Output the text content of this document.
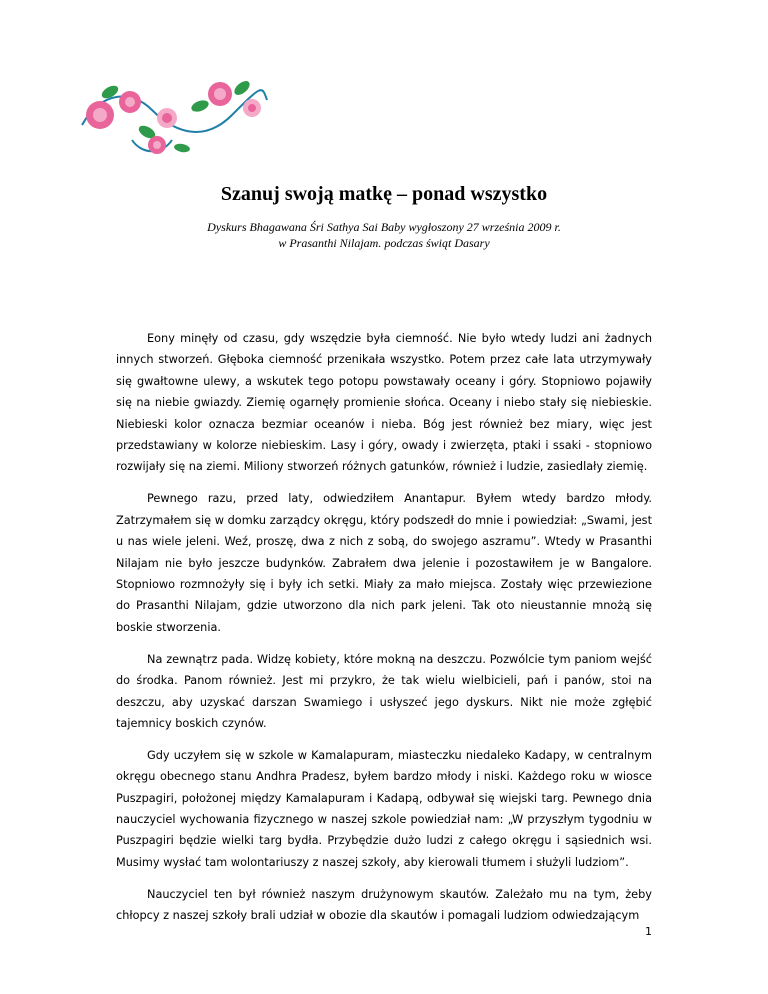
Szanuj swoją matkę – ponad wszystko
Dyskurs Bhagawana Śri Sathya Sai Baby wygłoszony 27 września 2009 r.
w Prasanthi Nilajam. podczas świąt Dasary

Eony minęły od czasu, gdy wszędzie była ciemność. Nie było wtedy ludzi ani żadnych innych stworzeń. Głęboka ciemność przenikała wszystko. Potem przez całe lata utrzymywały się gwałtowne ulewy, a wskutek tego potopu powstawały oceany i góry. Stopniowo pojawiły się na niebie gwiazdy. Ziemię ogarnęły promienie słońca. Oceany i niebo stały się niebieskie. Niebieski kolor oznacza bezmiar oceanów i nieba. Bóg jest również bez miary, więc jest przedstawiany w kolorze niebieskim. Lasy i góry, owady i zwierzęta, ptaki i ssaki - stopniowo rozwijały się na ziemi. Miliony stworzeń różnych gatunków, również i ludzie, zasiedlały ziemię.

Pewnego razu, przed laty, odwiedziłem Anantapur. Byłem wtedy bardzo młody. Zatrzymałem się w domku zarządcy okręgu, który podszedł do mnie i powiedział: „Swami, jest u nas wiele jeleni. Weź, proszę, dwa z nich z sobą, do swojego aszramu”. Wtedy w Prasanthi Nilajam nie było jeszcze budynków. Zabrałem dwa jelenie i pozostawiłem je w Bangalore. Stopniowo rozmnożyły się i były ich setki. Miały za mało miejsca. Zostały więc przewiezione do Prasanthi Nilajam, gdzie utworzono dla nich park jeleni. Tak oto nieustannie mnożą się boskie stworzenia.

Na zewnątrz pada. Widzę kobiety, które mokną na deszczu. Pozwólcie tym paniom wejść do środka. Panom również. Jest mi przykro, że tak wielu wielbicieli, pań i panów, stoi na deszczu, aby uzyskać darszan Swamiego i usłyszeć jego dyskurs. Nikt nie może zgłębić tajemnicy boskich czynów.

Gdy uczyłem się w szkole w Kamalapuram, miasteczku niedaleko Kadapy, w centralnym okręgu obecnego stanu Andhra Pradesz, byłem bardzo młody i niski. Każdego roku w wiosce Puszpagiri, położonej między Kamalapuram i Kadapą, odbywał się wiejski targ. Pewnego dnia nauczyciel wychowania fizycznego w naszej szkole powiedział nam: „W przyszłym tygodniu w Puszpagiri będzie wielki targ bydła. Przybędzie dużo ludzi z całego okręgu i sąsiednich wsi. Musimy wysłać tam wolontariuszy z naszej szkoły, aby kierowali tłumem i służyli ludziom”.

Nauczyciel ten był również naszym drużynowym skautów. Zależało mu na tym, żeby chłopcy z naszej szkoły brali udział w obozie dla skautów i pomagali ludziom odwiedzającym

1
